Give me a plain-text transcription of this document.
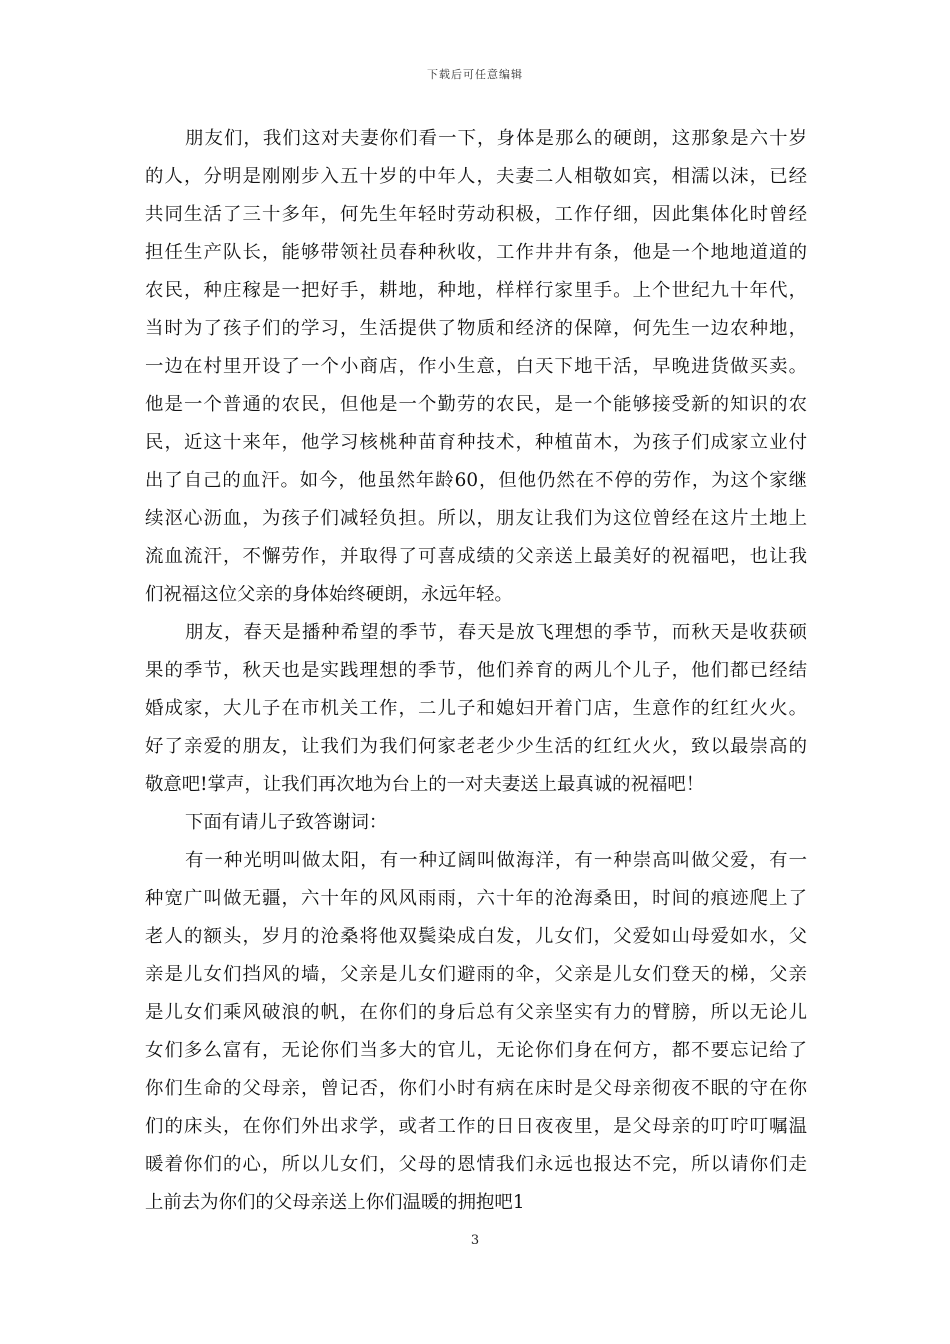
下载后可任意编辑
朋友们，我们这对夫妻你们看一下，身体是那么的硬朗，这那象是六十岁
的人，分明是刚刚步入五十岁的中年人，夫妻二人相敬如宾，相濡以沫，已经
共同生活了三十多年，何先生年轻时劳动积极，工作仔细，因此集体化时曾经
担任生产队长，能够带领社员春种秋收，工作井井有条，他是一个地地道道的
农民，种庄稼是一把好手，耕地，种地，样样行家里手。上个世纪九十年代，
当时为了孩子们的学习，生活提供了物质和经济的保障，何先生一边农种地，
一边在村里开设了一个小商店，作小生意，白天下地干活，早晚进货做买卖。
他是一个普通的农民，但他是一个勤劳的农民，是一个能够接受新的知识的农
民，近这十来年，他学习核桃种苗育种技术，种植苗木，为孩子们成家立业付
出了自己的血汗。如今，他虽然年龄60，但他仍然在不停的劳作，为这个家继
续沤心沥血，为孩子们减轻负担。所以，朋友让我们为这位曾经在这片土地上
流血流汗，不懈劳作，并取得了可喜成绩的父亲送上最美好的祝福吧，也让我
们祝福这位父亲的身体始终硬朗，永远年轻。
朋友，春天是播种希望的季节，春天是放飞理想的季节，而秋天是收获硕
果的季节，秋天也是实践理想的季节，他们养育的两儿个儿子，他们都已经结
婚成家，大儿子在市机关工作，二儿子和媳妇开着门店，生意作的红红火火。
好了亲爱的朋友，让我们为我们何家老老少少生活的红红火火，致以最崇高的
敬意吧!掌声，让我们再次地为台上的一对夫妻送上最真诚的祝福吧！
下面有请儿子致答谢词：
有一种光明叫做太阳，有一种辽阔叫做海洋，有一种崇高叫做父爱，有一
种宽广叫做无疆，六十年的风风雨雨，六十年的沧海桑田，时间的痕迹爬上了
老人的额头，岁月的沧桑将他双鬓染成白发，儿女们，父爱如山母爱如水，父
亲是儿女们挡风的墙，父亲是儿女们避雨的伞，父亲是儿女们登天的梯，父亲
是儿女们乘风破浪的帆，在你们的身后总有父亲坚实有力的臂膀，所以无论儿
女们多么富有，无论你们当多大的官儿，无论你们身在何方，都不要忘记给了
你们生命的父母亲，曾记否，你们小时有病在床时是父母亲彻夜不眠的守在你
们的床头，在你们外出求学，或者工作的日日夜夜里，是父母亲的叮咛叮嘱温
暖着你们的心，所以儿女们，父母的恩情我们永远也报达不完，所以请你们走
上前去为你们的父母亲送上你们温暖的拥抱吧1
3
